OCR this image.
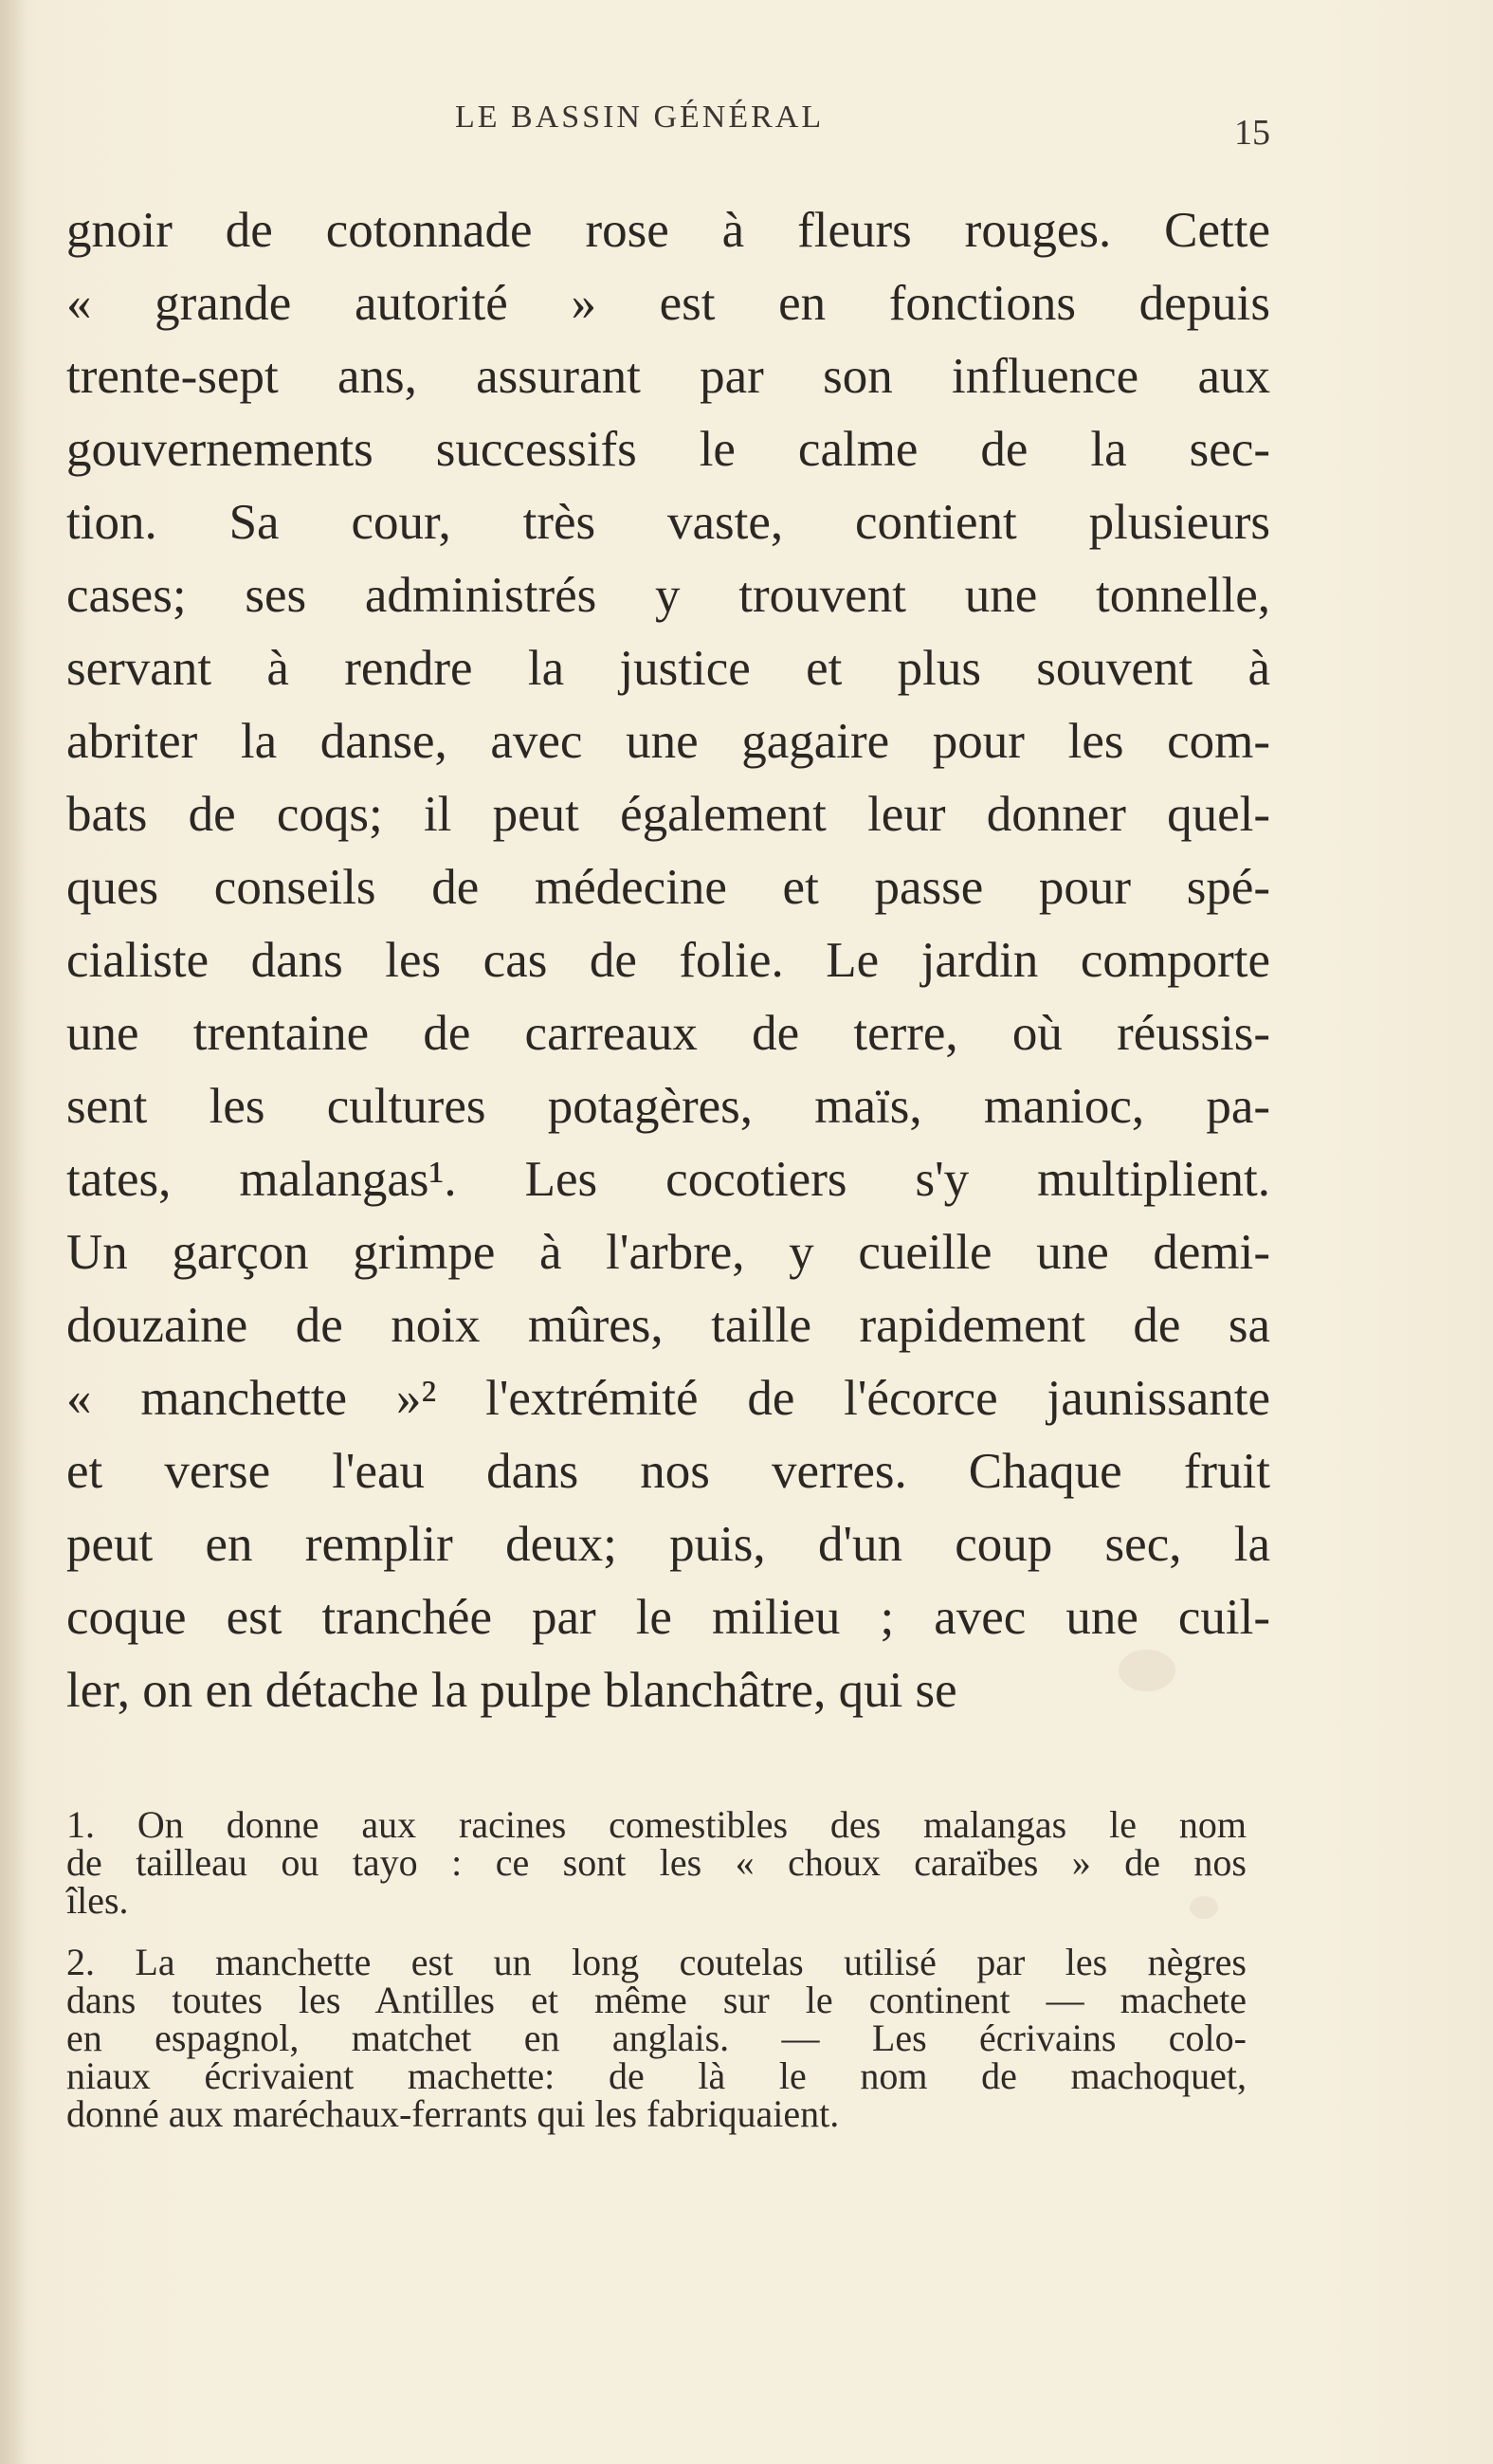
LE BASSIN GÉNÉRAL	15
gnoir de cotonnade rose à fleurs rouges. Cette
« grande autorité » est en fonctions depuis
trente-sept ans, assurant par son influence aux
gouvernements successifs le calme de la sec-
tion. Sa cour, très vaste, contient plusieurs
cases; ses administrés y trouvent une tonnelle,
servant à rendre la justice et plus souvent à
abriter la danse, avec une gagaire pour les com-
bats de coqs; il peut également leur donner quel-
ques conseils de médecine et passe pour spé-
cialiste dans les cas de folie. Le jardin comporte
une trentaine de carreaux de terre, où réussis-
sent les cultures potagères, maïs, manioc, pa-
tates, malangas¹. Les cocotiers s'y multiplient.
Un garçon grimpe à l'arbre, y cueille une demi-
douzaine de noix mûres, taille rapidement de sa
« manchette »² l'extrémité de l'écorce jaunissante
et verse l'eau dans nos verres. Chaque fruit
peut en remplir deux; puis, d'un coup sec, la
coque est tranchée par le milieu ; avec une cuil-
ler, on en détache la pulpe blanchâtre, qui se
1. On donne aux racines comestibles des malangas le nom
de tailleau ou tayo : ce sont les « choux caraïbes » de nos
îles.
2. La manchette est un long coutelas utilisé par les nègres
dans toutes les Antilles et même sur le continent — machete
en espagnol, matchet en anglais. — Les écrivains colo-
niaux écrivaient machette: de là le nom de machoquet,
donné aux maréchaux-ferrants qui les fabriquaient.
